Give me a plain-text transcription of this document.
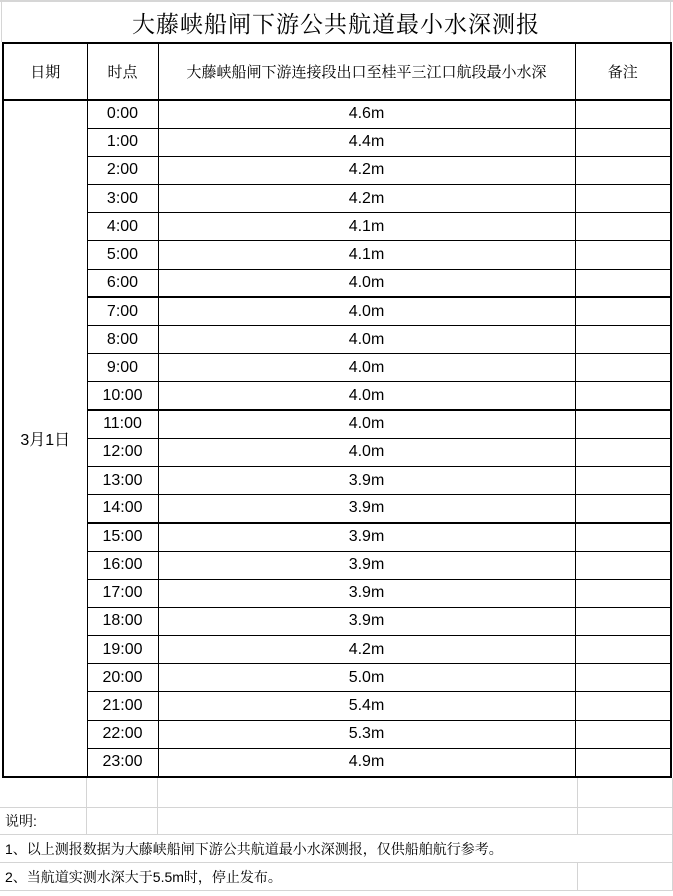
大藤峡船闸下游公共航道最小水深测报
日期	时点	大藤峡船闸下游连接段出口至桂平三江口航段最小水深	备注
3月1日	0:00	4.6m	
	1:00	4.4m	
	2:00	4.2m	
	3:00	4.2m	
	4:00	4.1m	
	5:00	4.1m	
	6:00	4.0m	
	7:00	4.0m	
	8:00	4.0m	
	9:00	4.0m	
	10:00	4.0m	
	11:00	4.0m	
	12:00	4.0m	
	13:00	3.9m	
	14:00	3.9m	
	15:00	3.9m	
	16:00	3.9m	
	17:00	3.9m	
	18:00	3.9m	
	19:00	4.2m	
	20:00	5.0m	
	21:00	5.4m	
	22:00	5.3m	
	23:00	4.9m	

说明:			
1、以上测报数据为大藤峡船闸下游公共航道最小水深测报，仅供船舶航行参考。			
2、当航道实测水深大于5.5m时，停止发布。			
